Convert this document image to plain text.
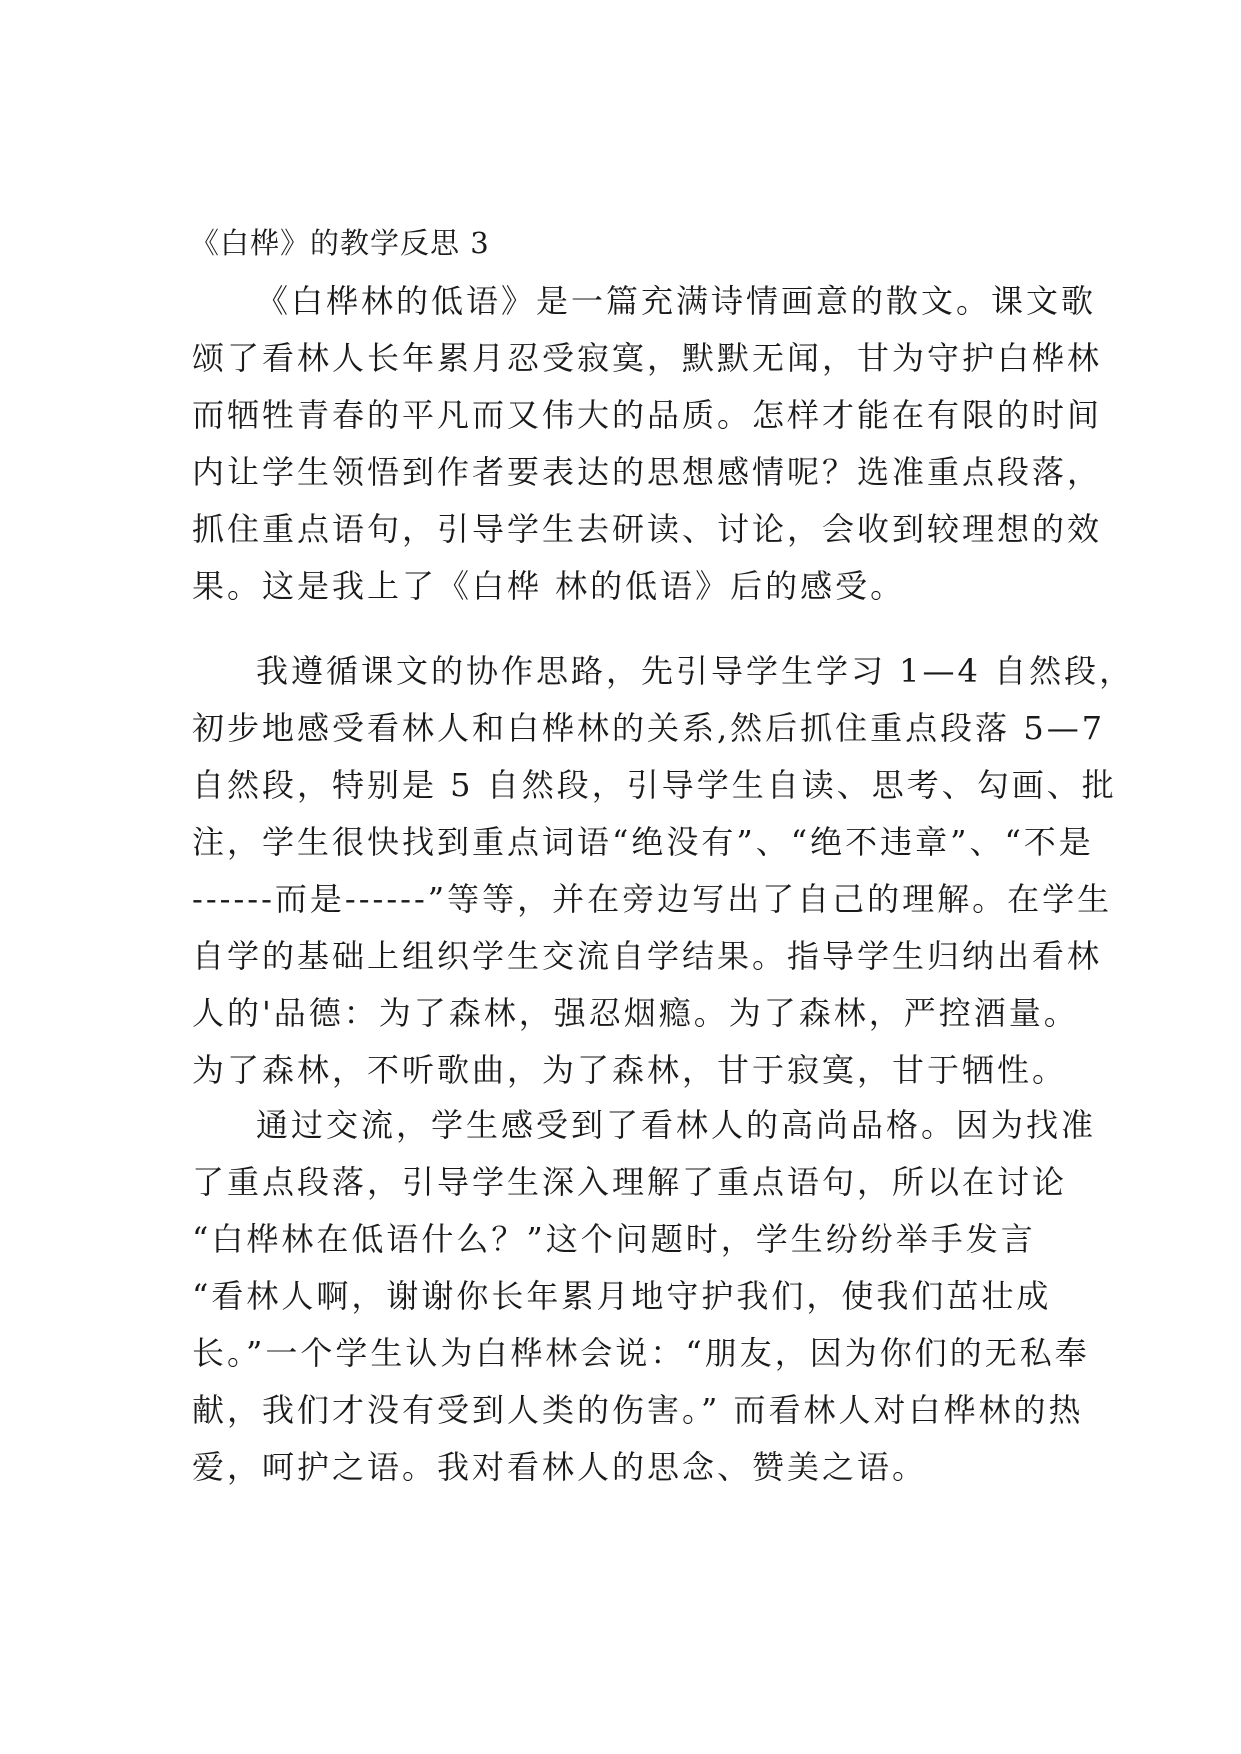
《白桦》的教学反思 3
《白桦林的低语》是一篇充满诗情画意的散文。课文歌
颂了看林人长年累月忍受寂寞，默默无闻，甘为守护白桦林
而牺牲青春的平凡而又伟大的品质。怎样才能在有限的时间
内让学生领悟到作者要表达的思想感情呢？选准重点段落，
抓住重点语句，引导学生去研读、讨论，会收到较理想的效
果。这是我上了《白桦 林的低语》后的感受。
我遵循课文的协作思路，先引导学生学习 1—4 自然段，
初步地感受看林人和白桦林的关系,然后抓住重点段落 5—7
自然段，特别是 5 自然段，引导学生自读、思考、勾画、批
注，学生很快找到重点词语“绝没有”、“绝不违章”、“不是
------而是------”等等，并在旁边写出了自己的理解。在学生
自学的基础上组织学生交流自学结果。指导学生归纳出看林
人的'品德：为了森林，强忍烟瘾。为了森林，严控酒量。
为了森林，不听歌曲，为了森林，甘于寂寞，甘于牺性。
通过交流，学生感受到了看林人的高尚品格。因为找准
了重点段落，引导学生深入理解了重点语句，所以在讨论
“白桦林在低语什么？”这个问题时，学生纷纷举手发言
“看林人啊，谢谢你长年累月地守护我们，使我们茁壮成
长。”一个学生认为白桦林会说：“朋友，因为你们的无私奉
献，我们才没有受到人类的伤害。” 而看林人对白桦林的热
爱，呵护之语。我对看林人的思念、赞美之语。
